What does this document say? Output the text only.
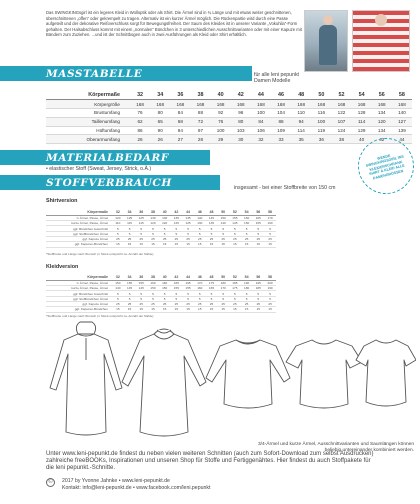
Das SWINGKINGsgirl ist ein legeres Kleid in Wolloptik oder als Shirt. Die Ärmel sind in ¾ Länge und mit etwas weiter geschnittenen, überschnittenen „offen“ oder gekrempelt zu tragen. Alternativ ist ein kurzer Ärmel möglich. Die Rückenpartie wird durch eine Passe aufgeteilt und der dekorative Reißverschluss sorgt für Bewegungsfreiheit. Der Saum des Kleides ist in unserer Variante „Vokuhila“-Form gehalten. Der Halsabschluss kommt mit einem „normalen“ Bündchen in 3 unterschiedlichen Ausschnittvarianten oder mit einer Kapuze mit Bändern zum Zuziehen. ...und ist der Schnittbogen auch in zwei Ausführungen als Kleid oder Shirt erhältlich.
MASSTABELLE	für alle leni pepunkt
Damen Modelle
Körpermaße	32	34	36	38	40	42	44	46	48	50	52	54	56	58
Körpergröße	168	168	168	168	168	168	168	168	168	168	168	168	168	168
Brustumfang	76	80	84	88	92	96	100	104	110	116	122	128	134	140
Taillenumfang	62	65	68	72	76	80	84	88	94	100	107	114	120	127
Hüftumfang	86	90	94	97	100	103	106	109	114	119	124	129	134	139
Oberarmumfang	26	26	27	28	29	30	32	33	35	36	38	40	42	44
MATERIALBEDARF
• elastischer Stoff (Sweat, Jersey, Strick, o.Ä.)
WENDE SWINGKINGSGIRL INS KLEIDERSCHRANK SHIRT & KLEID ALLE DAMENGRÖSSEN
STOFFVERBRAUCH	insgesamt - bei einer Stoffbreite von 150 cm
Shirtversion
Körpermaße	32	34	36	38	40	42	44	46	48	50	52	54	56	58
¾ Ärmel, Passe, Ärmel	120	125	125	130	130	135	135	140	145	150	155	160	165	170
kurze Ärmel, Passe, Ärmel	110	115	115	120	120	125	125	130	135	140	145	150	155	160
ggf. Bündchen Ausschnitt	5	5	5	5	5	5	5	5	5	5	5	5	5	5
ggf. Stoffbündchen Ärmel	5	5	5	5	5	5	5	5	5	5	5	5	5	5
ggf. Kapuze Ärmel	25	25	25	25	25	25	25	25	25	25	25	25	25	25
ggf. Kapuzen-Bündchen	15	15	15	15	15	15	15	15	15	15	15	15	15	15
*Stoffbreite und Länge nach Wunsch (1 Stück entspricht ca. Anzahl der Nähte)
Kleidversion
Körpermaße	32	34	36	38	40	42	44	46	48	50	52	54	56	58
¾ Ärmel, Passe, Ärmel	150	155	155	160	160	165	165	170	175	180	185	190	195	200
kurze Ärmel, Passe, Ärmel	140	145	145	150	150	155	155	160	165	170	175	180	185	190
ggf. Bündchen Ausschnitt	5	5	5	5	5	5	5	5	5	5	5	5	5	5
ggf. Stoffbündchen Ärmel	5	5	5	5	5	5	5	5	5	5	5	5	5	5
ggf. Kapuze Ärmel	25	25	25	25	25	25	25	25	25	25	25	25	25	25
ggf. Kapuzen-Bündchen	15	15	15	15	15	15	15	15	15	15	15	15	15	15
*Stoffbreite und Länge nach Wunsch (1 Stück entspricht ca. Anzahl der Nähte)
3/4-Ärmel und kurze Ärmel, Ausschnittvarianten und Saumlängen können beliebig untereinander kombiniert werden.
Unter www.leni-pepunkt.de findest du neben vielen weiteren Schnitten (auch zum Sofort-Download zum selbst Ausdrucken) zahlreiche freeBOOKs, Inspirationen und unseren Shop für Stoffe und Fertiggenähtes. Hier findest du auch Stoffpakete für die leni pepunkt.-Schnitte.
©	2017 by Yvonne Jahnke • www.leni-pepunkt.de
Kontakt: info@leni-pepunkt.de • www.facebook.com/leni.pepunkt
